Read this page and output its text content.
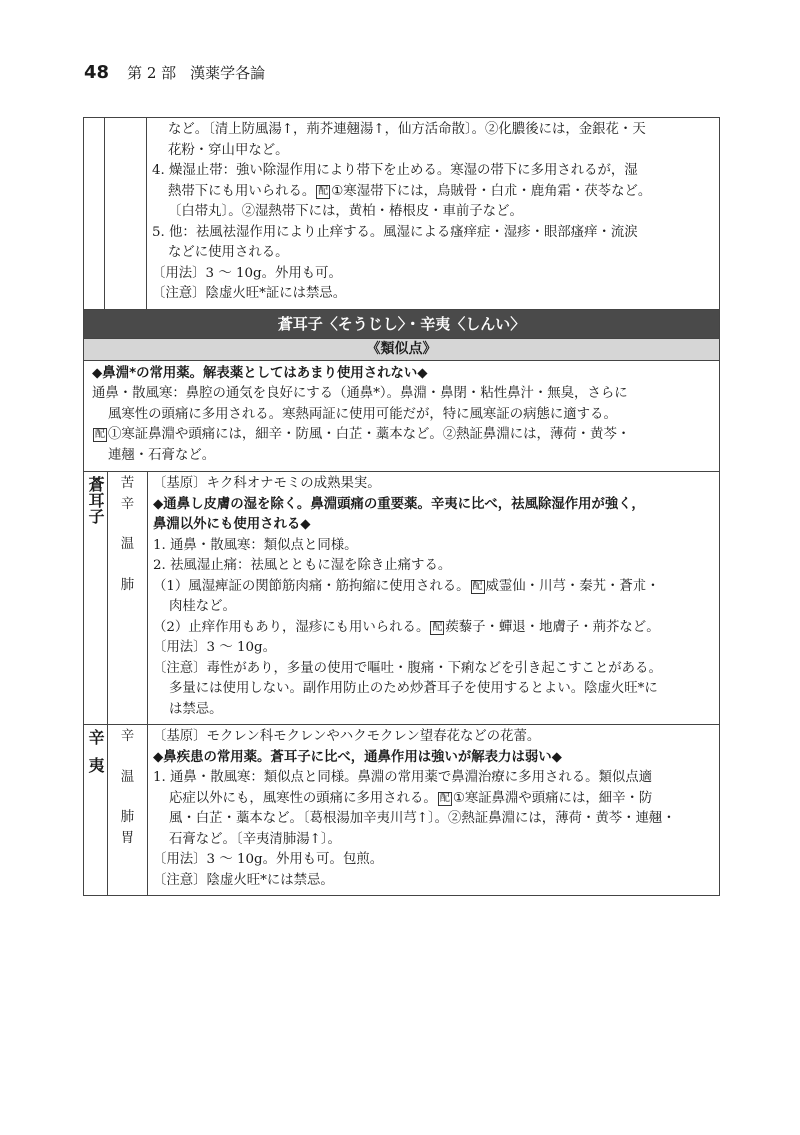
48 第 2 部 漢薬学各論
など。〔清上防風湯↑，荊芥連翹湯↑，仙方活命散〕。②化膿後には，金銀花・天
花粉・穿山甲など。
4. 燥湿止帯：強い除湿作用により帯下を止める。寒湿の帯下に多用されるが，湿
熱帯下にも用いられる。 配 ①寒湿帯下には，烏賊骨・白朮・鹿角霜・茯苓など。
〔白帯丸〕。②湿熱帯下には，黄柏・椿根皮・車前子など。
5. 他：祛風祛湿作用により止痒する。風湿による瘙痒症・湿疹・眼部瘙痒・流涙
などに使用される。
〔用法〕3 〜 10g。外用も可。
〔注意〕陰虚火旺*証には禁忌。
蒼耳子〈そうじし〉・辛夷〈しんい〉
《類似点》
◆鼻淵*の常用薬。解表薬としてはあまり使用されない◆
通鼻・散風寒：鼻腔の通気を良好にする（通鼻*）。鼻淵・鼻閉・粘性鼻汁・無臭，さらに
風寒性の頭痛に多用される。寒熱両証に使用可能だが，特に風寒証の病態に適する。
配 ①寒証鼻淵や頭痛には，細辛・防風・白芷・藁本など。②熱証鼻淵には，薄荷・黄芩・
連翹・石膏など。
蒼耳子	苦
辛
温
肺
〔基原〕キク科オナモミの成熟果実。
◆通鼻し皮膚の湿を除く。鼻淵頭痛の重要薬。辛夷に比べ，祛風除湿作用が強く，
鼻淵以外にも使用される◆
1. 通鼻・散風寒：類似点と同様。
2. 祛風湿止痛：祛風とともに湿を除き止痛する。
（1）風湿痺証の関節筋肉痛・筋拘縮に使用される。 配 威霊仙・川芎・秦艽・蒼朮・
肉桂など。
（2）止痒作用もあり，湿疹にも用いられる。 配 蒺藜子・蟬退・地膚子・荊芥など。
〔用法〕3 〜 10g。
〔注意〕毒性があり，多量の使用で嘔吐・腹痛・下痢などを引き起こすことがある。
多量には使用しない。副作用防止のため炒蒼耳子を使用するとよい。陰虚火旺*に
は禁忌。
辛夷	辛
温
肺
胃
〔基原〕モクレン科モクレンやハクモクレン望春花などの花蕾。
◆鼻疾患の常用薬。蒼耳子に比べ，通鼻作用は強いが解表力は弱い◆
1. 通鼻・散風寒：類似点と同様。鼻淵の常用薬で鼻淵治療に多用される。類似点適
応症以外にも，風寒性の頭痛に多用される。 配 ①寒証鼻淵や頭痛には，細辛・防
風・白芷・藁本など。〔葛根湯加辛夷川芎↑〕。②熱証鼻淵には，薄荷・黄芩・連翹・
石膏など。〔辛夷清肺湯↑〕。
〔用法〕3 〜 10g。外用も可。包煎。
〔注意〕陰虚火旺*には禁忌。
